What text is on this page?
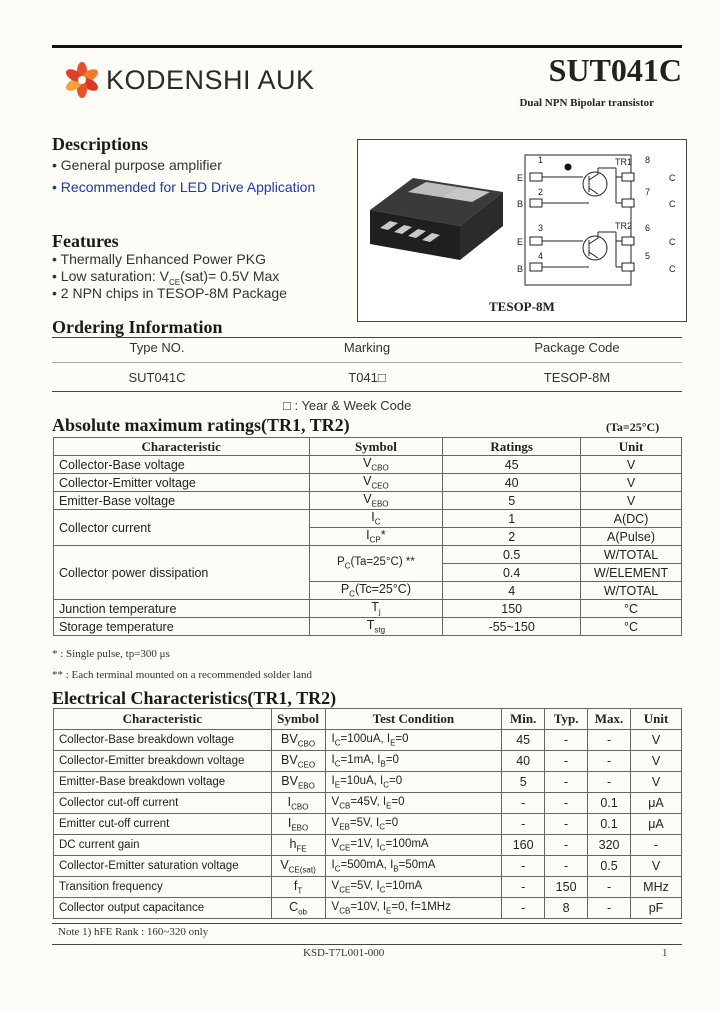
KODENSHI AUK	SUT041C
Dual NPN Bipolar transistor
Descriptions
• General purpose amplifier
• Recommended for LED Drive Application
Features
• Thermally Enhanced Power PKG
• Low saturation: $V_{CE}(sat)= 0.5V$ Max
• 2 NPN chips in TESOP-8M Package
TR1
TR2
1
2
3
4
E
B
E
B
8
7
6
5
C
C
C
C
TESOP-8M
Ordering Information
Type NO.	Marking	Package Code
SUT041C	T041□	TESOP-8M
□ : Year & Week Code
Absolute maximum ratings(TR1, TR2)	(Ta=25°C)
Characteristic	Symbol	Ratings	Unit
Collector-Base voltage	$V_{CBO}$	45	V
Collector-Emitter voltage	$V_{CEO}$	40	V
Emitter-Base voltage	$V_{EBO}$	5	V
Collector current	$I_C$	1	A(DC)
	$I_{CP}*$	2	A(Pulse)
Collector power dissipation	$P_C(Ta=25^\circ C)$ **	0.5	W/TOTAL
		0.4	W/ELEMENT
	$P_C(Tc=25^\circ C)$	4	W/TOTAL
Junction temperature	$T_j$	150	°C
Storage temperature	$T_{stg}$	-55~150	°C
* : Single pulse, tp=300 μs
** : Each terminal mounted on a recommended solder land
Electrical Characteristics(TR1, TR2)
Characteristic	Symbol	Test Condition	Min.	Typ.	Max.	Unit
Collector-Base breakdown voltage	$BV_{CBO}$	$I_C=100uA$, $I_E=0$	45	-	-	V
Collector-Emitter breakdown voltage	$BV_{CEO}$	$I_C=1mA$, $I_B=0$	40	-	-	V
Emitter-Base breakdown voltage	$BV_{EBO}$	$I_E=10uA$, $I_C=0$	5	-	-	V
Collector cut-off current	$I_{CBO}$	$V_{CB}=45V$, $I_E=0$	-	-	0.1	μA
Emitter cut-off current	$I_{EBO}$	$V_{EB}=5V$, $I_C=0$	-	-	0.1	μA
DC current gain	$h_{FE}$	$V_{CE}=1V$, $I_C=100mA$	160	-	320	-
Collector-Emitter saturation voltage	$V_{CE(sat)}$	$I_C=500mA$, $I_B=50mA$	-	-	0.5	V
Transition frequency	$f_T$	$V_{CE}=5V$, $I_C=10mA$	-	150	-	MHz
Collector output capacitance	$C_{ob}$	$V_{CB}=10V$, $I_E=0$, f=1MHz	-	8	-	pF
Note 1) hFE Rank : 160~320 only
KSD-T7L001-000	1
